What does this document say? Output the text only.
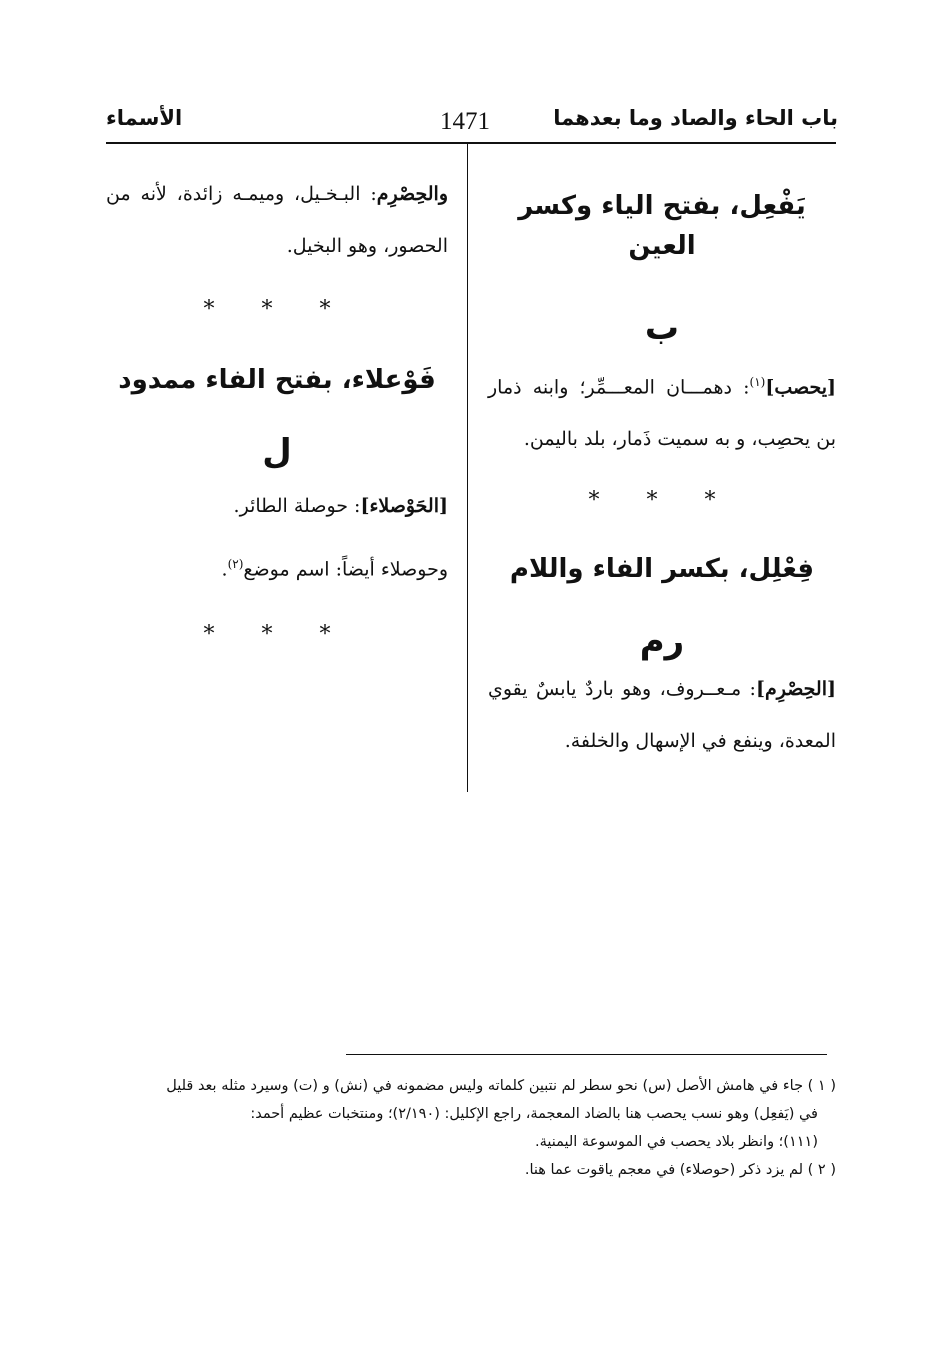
باب الحاء والصاد وما بعدهما
1471
الأسماء
يَفْعِل، بفتح الياء وكسر العين
ب
[يحصب]$^{(١)}$: دهمـــان المعـــمِّر؛ وابنه ذمار بن يحصِب، و به سميت ذَمار، بلد باليمن.
* * *
فِعْلِل، بكسر الفاء واللام
رم
[الحِصْرِم]: مـعــروف، وهو باردٌ يابسٌ يقوي المعدة، وينفع في الإسهال والخلفة.
والحِصْرِم: البـخـيل، وميمـه زائدة، لأنه من الحصور، وهو البخيل.
* * *
فَوْعلاء، بفتح الفاء ممدود
ل
[الحَوْصلاء]: حوصلة الطائر.
وحوصلاء أيضاً: اسم موضع$^{(٢)}$.
* * *

( ١ ) جاء في هامش الأصل (س) نحو سطر لم نتبين كلماته وليس مضمونه في (نش) و (ت) وسيرد مثله بعد قليل

في (يَفعِل) وهو نسب يحصب هنا بالضاد المعجمة، راجع الإكليل: (٢/١٩٠)؛ ومنتخبات عظيم أحمد:

(١١١)؛ وانظر بلاد يحصب في الموسوعة اليمنية.

( ٢ ) لم يزد ذكر (حوصلاء) في معجم ياقوت عما هنا.
